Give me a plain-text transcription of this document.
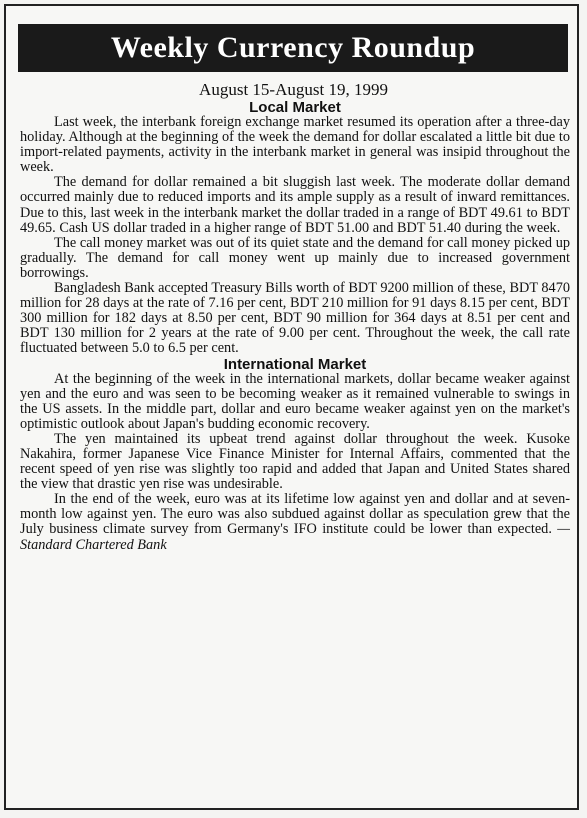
Weekly Currency Roundup
August 15-August 19, 1999
Local Market

Last week, the interbank foreign exchange market resumed its operation after a three-day holiday. Although at the beginning of the week the demand for dollar escalated a little bit due to import-related payments, activity in the interbank market in general was insipid throughout the week.

The demand for dollar remained a bit sluggish last week. The moderate dollar demand occurred mainly due to reduced imports and its ample supply as a result of inward remittances. Due to this, last week in the interbank market the dollar traded in a range of BDT 49.61 to BDT 49.65. Cash US dollar traded in a higher range of BDT 51.00 and BDT 51.40 during the week.

The call money market was out of its quiet state and the demand for call money picked up gradually. The demand for call money went up mainly due to increased government borrowings.

Bangladesh Bank accepted Treasury Bills worth of BDT 9200 million of these, BDT 8470 million for 28 days at the rate of 7.16 per cent, BDT 210 million for 91 days 8.15 per cent, BDT 300 million for 182 days at 8.50 per cent, BDT 90 million for 364 days at 8.51 per cent and BDT 130 million for 2 years at the rate of 9.00 per cent. Throughout the week, the call rate fluctuated between 5.0 to 6.5 per cent.

International Market

At the beginning of the week in the international markets, dollar became weaker against yen and the euro and was seen to be becoming weaker as it remained vulnerable to swings in the US assets. In the middle part, dollar and euro became weaker against yen on the market's optimistic outlook about Japan's budding economic recovery.

The yen maintained its upbeat trend against dollar throughout the week. Kusoke Nakahira, former Japanese Vice Finance Minister for Internal Affairs, commented that the recent speed of yen rise was slightly too rapid and added that Japan and United States shared the view that drastic yen rise was undesirable.

In the end of the week, euro was at its lifetime low against yen and dollar and at seven-month low against yen. The euro was also subdued against dollar as speculation grew that the July business climate survey from Germany's IFO institute could be lower than expected. — Standard Chartered Bank
